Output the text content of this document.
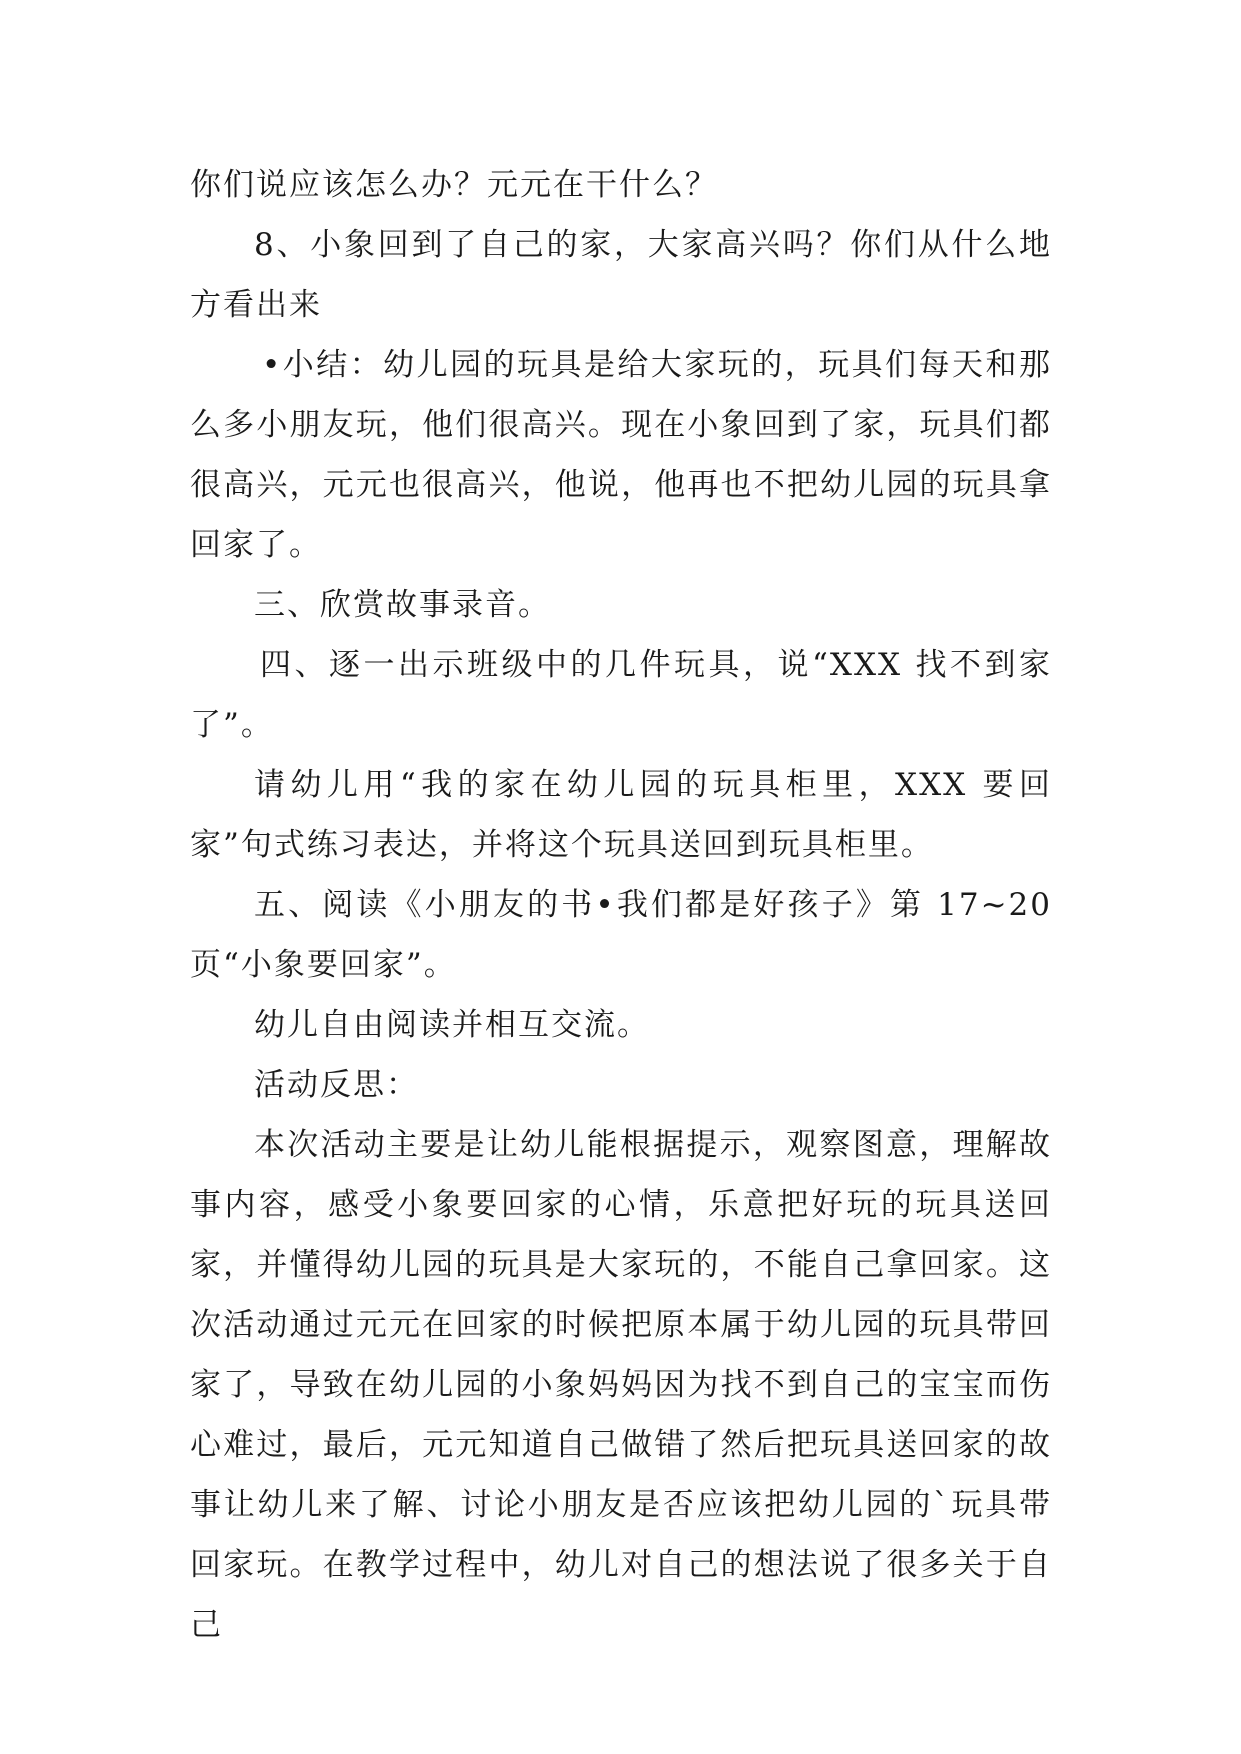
你们说应该怎么办？元元在干什么？

8、小象回到了自己的家，大家高兴吗？你们从什么地方看出来

•小结：幼儿园的玩具是给大家玩的，玩具们每天和那么多小朋友玩，他们很高兴。现在小象回到了家，玩具们都很高兴，元元也很高兴，他说，他再也不把幼儿园的玩具拿回家了。

三、欣赏故事录音。

四、逐一出示班级中的几件玩具，说“XXX 找不到家了”。

请幼儿用“我的家在幼儿园的玩具柜里，XXX 要回家”句式练习表达，并将这个玩具送回到玩具柜里。

五、阅读《小朋友的书•我们都是好孩子》第 17~20 页“小象要回家”。

幼儿自由阅读并相互交流。

活动反思：

本次活动主要是让幼儿能根据提示，观察图意，理解故事内容，感受小象要回家的心情，乐意把好玩的玩具送回家，并懂得幼儿园的玩具是大家玩的，不能自己拿回家。这次活动通过元元在回家的时候把原本属于幼儿园的玩具带回家了，导致在幼儿园的小象妈妈因为找不到自己的宝宝而伤心难过，最后，元元知道自己做错了然后把玩具送回家的故事让幼儿来了解、讨论小朋友是否应该把幼儿园的`玩具带回家玩。在教学过程中，幼儿对自己的想法说了很多关于自己
